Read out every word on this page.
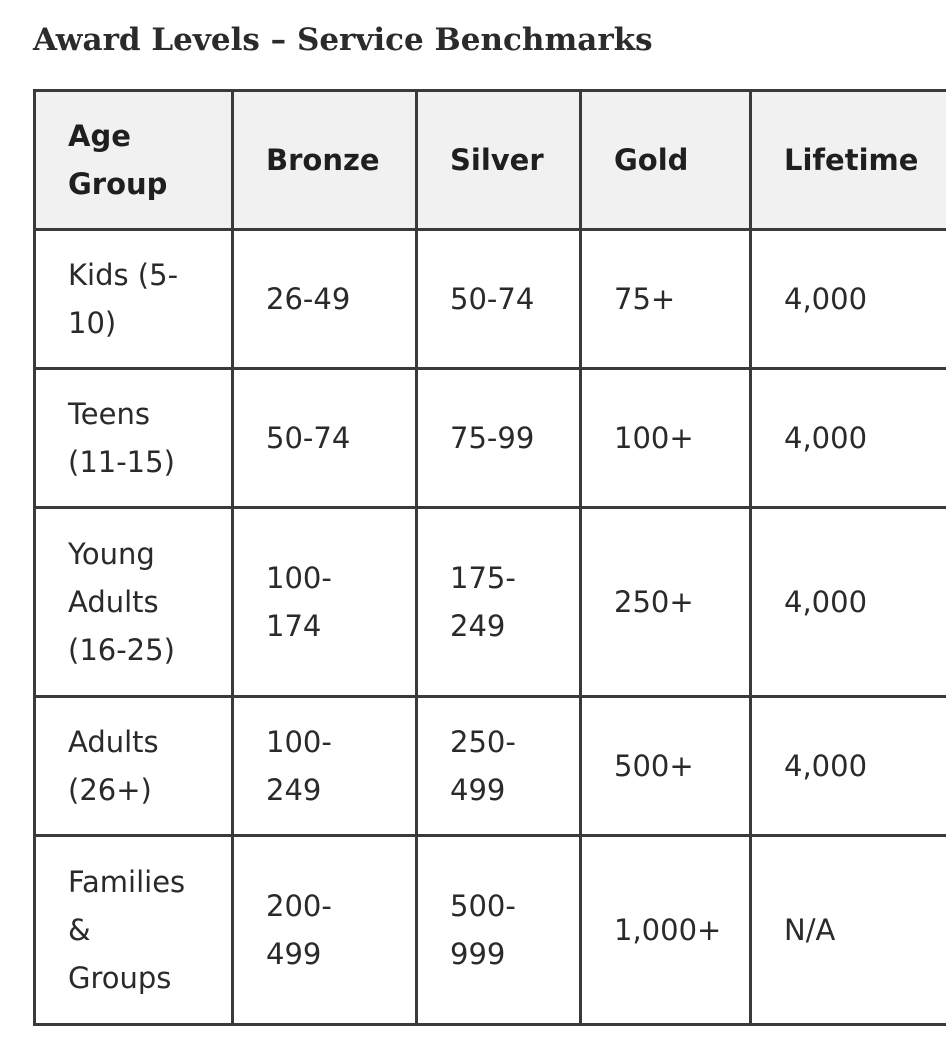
Award Levels – Service Benchmarks
Age
Group	Bronze	Silver	Gold	Lifetime

Kids (5-
10)	26-49	50-74	75+	4,000

Teens
(11-15)	50-74	75-99	100+	4,000

Young
Adults
(16-25)	100-
174	175-
249	250+	4,000

Adults
(26+)	100-
249	250-
499	500+	4,000

Families
&
Groups	200-
499	500-
999	1,000+	N/A
